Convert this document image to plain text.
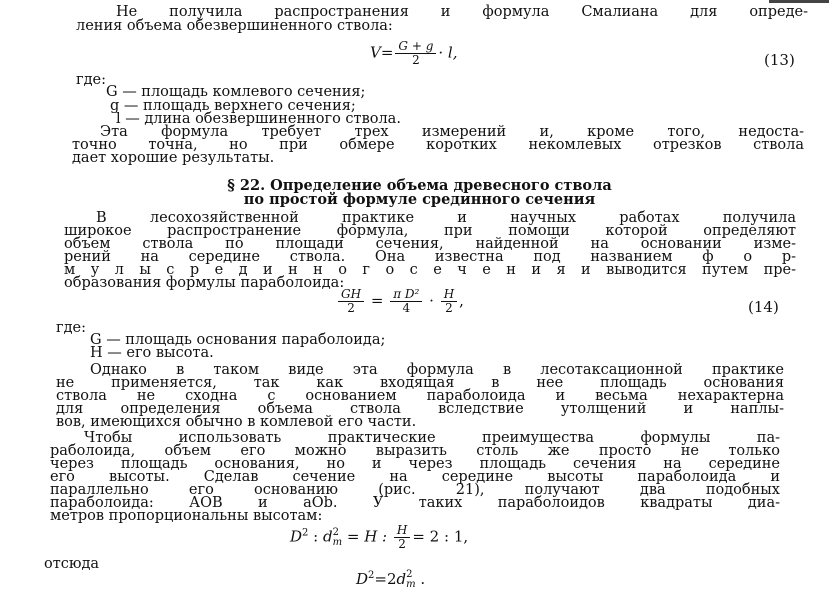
Не получила распространения и формула Смалиана для опреде-
ления объема обезвершиненного ствола:
$V= \frac{G + g}{2} \cdot l$,	(13)
где:
G — площадь комлевого сечения;
g — площадь верхнего сечения;
l — длина обезвершиненного ствола.
Эта формула требует трех измерений и, кроме того, недоста-
точно точна, но при обмере коротких некомлевых отрезков ствола
дает хорошие результаты.
§ 22. Определение объема древесного ствола
по простой формуле срединного сечения
В лесохозяйственной практике и научных работах получила
широкое распространение формула, при помощи которой определяют
объем ствола по площади сечения, найденной на основании изме-
рений на середине ствола. Она известна под названием ф о р-
м у л ы с р е д и н н о г о с е ч е н и я и выводится путем пре-
образования формулы параболоида:
$\frac{GH}{2} = \frac{\text{π D²}}{4} \cdot \frac{H}{2}$ ,	(14)
где:
G — площадь основания параболоида;
H — его высота.
Однако в таком виде эта формула в лесотаксационной практике
не применяется, так как входящая в нее площадь основания
ствола не сходна с основанием параболоида и весьма нехарактерна
для определения объема ствола вследствие утолщений и наплы-
вов, имеющихся обычно в комлевой его части.
Чтобы использовать практические преимущества формулы па-
раболоида, объем его можно выразить столь же просто не только
через площадь основания, но и через площадь сечения на середине
его высоты. Сделав сечение на середине высоты параболоида и
параллельно его основанию (рис. 21), получают два подобных
параболоида: АОВ и аОb. У таких параболоидов квадраты диа-
метров пропорциональны высотам:
$D^2$ : d 2
m = H : $\frac{H}{2} = 2$ : 1,
отсюда
$D^2=2d$ 2
m .
